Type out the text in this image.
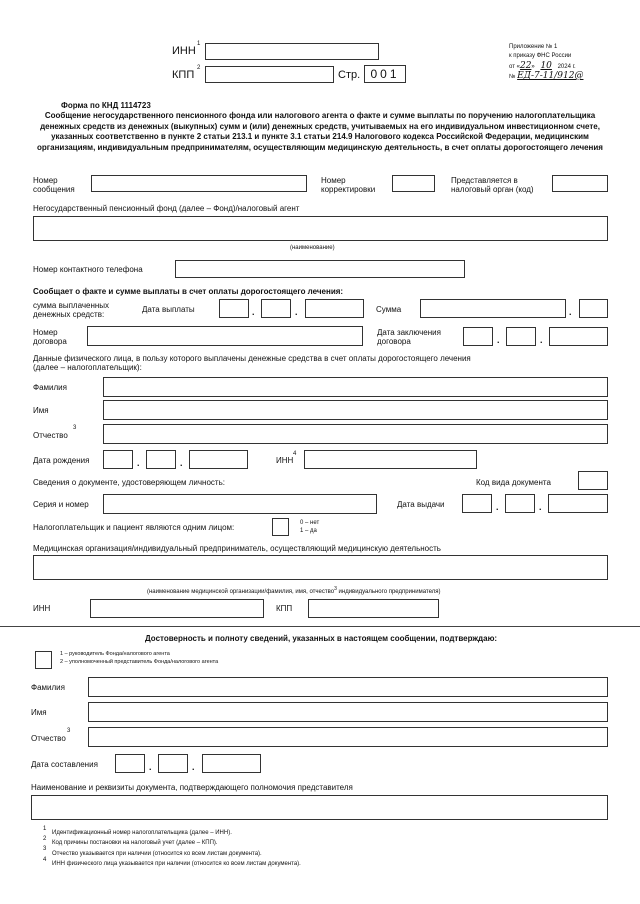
ИНН
1
КПП
2
Стр. 001
Приложение № 1
к приказу ФНС России
от «22» 10 2024 г.
№ ЕД-7-11/912@
Форма по КНД 1114723
Сообщение негосударственного пенсионного фонда или налогового агента о факте и сумме выплаты по поручению налогоплательщика денежных средств из денежных (выкупных) сумм и (или) денежных средств, учитываемых на его индивидуальном инвестиционном счете, указанных соответственно в пункте 2 статьи 213.1 и пункте 3.1 статьи 214.9 Налогового кодекса Российской Федерации, медицинским организациям, индивидуальным предпринимателям, осуществляющим медицинскую деятельность, в счет оплаты дорогостоящего лечения
Номер
сообщения
Номер
корректировки
Представляется в
налоговый орган (код)
Негосударственный пенсионный фонд (далее – Фонд)/налоговый агент
(наименование)
Номер контактного телефона
Сообщает о факте и сумме выплаты в счет оплаты дорогостоящего лечения:
сумма выплаченных
денежных средств:
Дата выплаты	.	.	Сумма	.
Номер
договора
Дата заключения
договора	.	.
Данные физического лица, в пользу которого выплачены денежные средства в счет оплаты дорогостоящего лечения
(далее – налогоплательщик):
Фамилия
Имя
Отчество
3
Дата рождения	.	.	ИНН
4
Сведения о документе, удостоверяющем личность:	Код вида документа
Серия и номер	Дата выдачи	.	.
Налогоплательщик и пациент являются одним лицом:	0 – нет
1 – да
Медицинская организация/индивидуальный предприниматель, осуществляющий медицинскую деятельность
(наименование медицинской организации/фамилия, имя, отчество$^3$ индивидуального предпринимателя)
ИНН	КПП
Достоверность и полноту сведений, указанных в настоящем сообщении, подтверждаю:
1 – руководитель Фонда/налогового агента
2 – уполномоченный представитель Фонда/налогового агента
Фамилия
Имя
Отчество
3
Дата составления	.	.
Наименование и реквизиты документа, подтверждающего полномочия представителя
1
Идентификационный номер налогоплательщика (далее – ИНН).
2
Код причины постановки на налоговый учет (далее – КПП).
3
Отчество указывается при наличии (относится ко всем листам документа).
4
ИНН физического лица указывается при наличии (относится ко всем листам документа).
